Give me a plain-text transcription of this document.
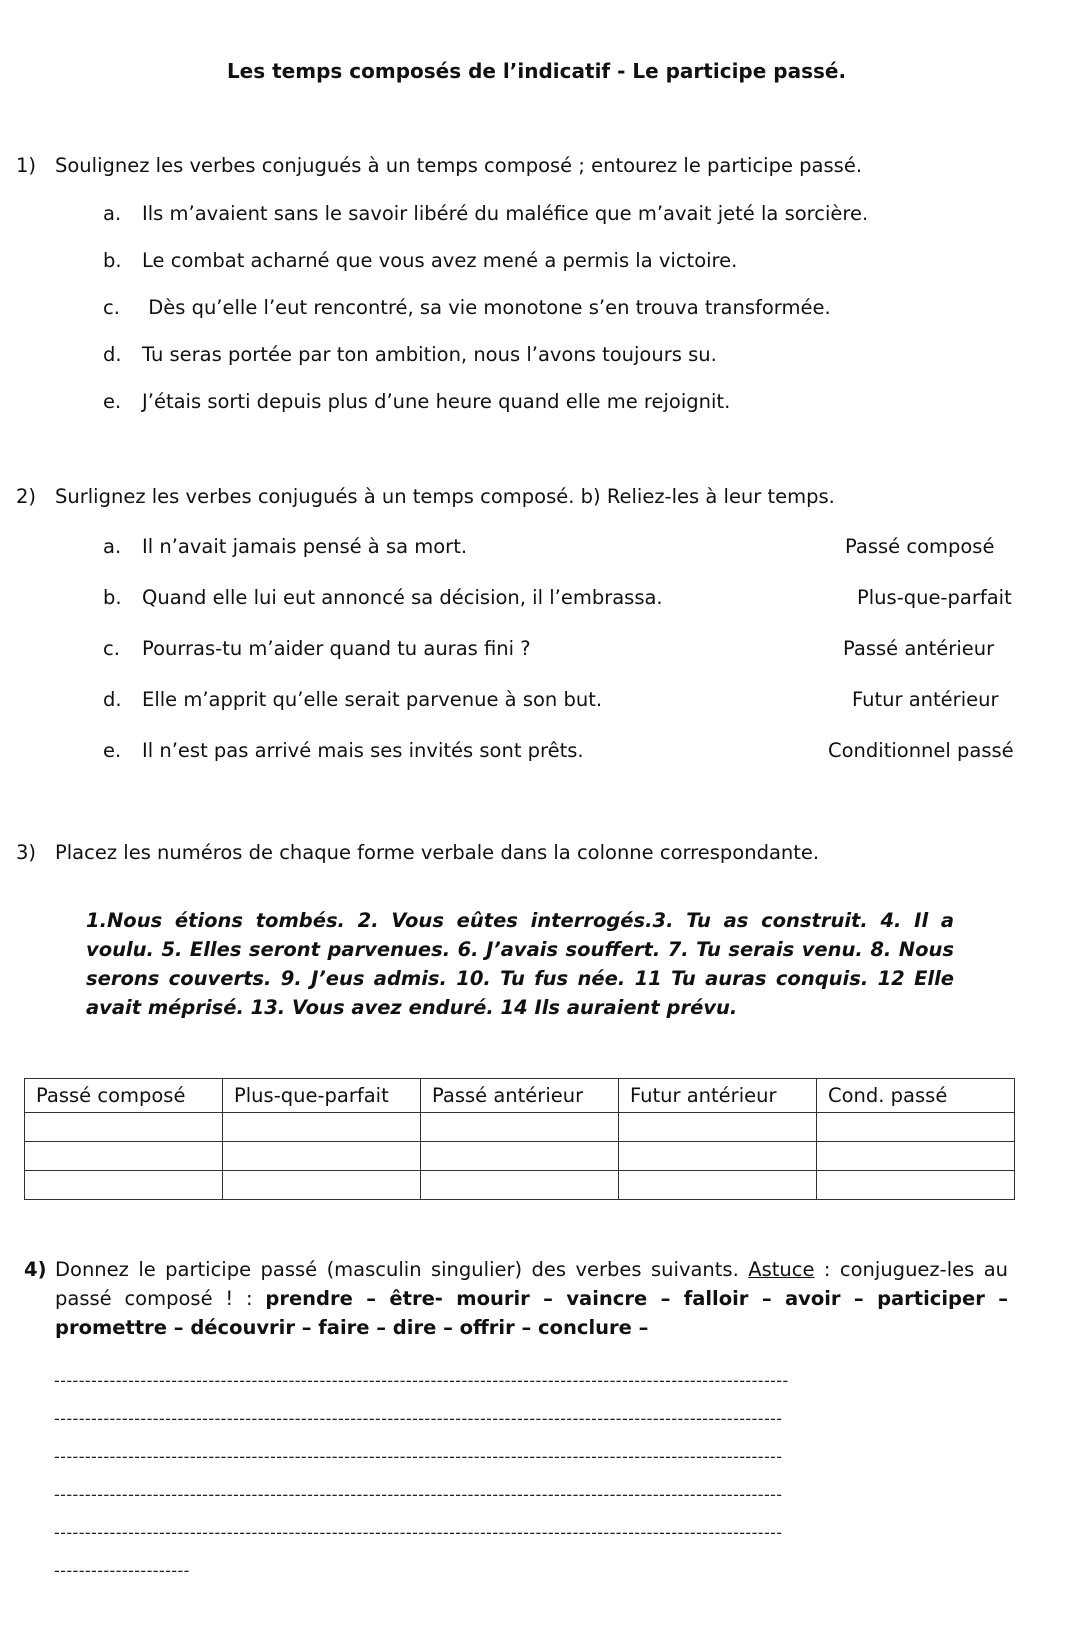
Les temps composés de l’indicatif - Le participe passé.
1) Soulignez les verbes conjugués à un temps composé ; entourez le participe passé.
a. Ils m’avaient sans le savoir libéré du maléfice que m’avait jeté la sorcière.
b. Le combat acharné que vous avez mené a permis la victoire.
c. Dès qu’elle l’eut rencontré, sa vie monotone s’en trouva transformée.
d. Tu seras portée par ton ambition, nous l’avons toujours su.
e. J’étais sorti depuis plus d’une heure quand elle me rejoignit.
2) Surlignez les verbes conjugués à un temps composé. b) Reliez-les à leur temps.
a. Il n’avait jamais pensé à sa mort.	Passé composé
b. Quand elle lui eut annoncé sa décision, il l’embrassa.	Plus-que-parfait
c. Pourras-tu m’aider quand tu auras fini ?	Passé antérieur
d. Elle m’apprit qu’elle serait parvenue à son but.	Futur antérieur
e. Il n’est pas arrivé mais ses invités sont prêts.	Conditionnel passé
3) Placez les numéros de chaque forme verbale dans la colonne correspondante.
1.Nous étions tombés. 2. Vous eûtes interrogés.3. Tu as construit. 4. Il a voulu. 5. Elles seront parvenues. 6. J’avais souffert. 7. Tu serais venu. 8. Nous serons couverts. 9. J’eus admis. 10. Tu fus née. 11 Tu auras conquis. 12 Elle avait méprisé. 13. Vous avez enduré. 14 Ils auraient prévu.
Passé composé	Plus-que-parfait	Passé antérieur	Futur antérieur	Cond. passé

4) Donnez le participe passé (masculin singulier) des verbes suivants. Astuce : conjuguez-les au passé composé ! : prendre – être- mourir – vaincre – falloir – avoir – participer – promettre – découvrir – faire – dire – offrir – conclure –
-----------------------------------------------------------------------------------------------------------------------
----------------------------------------------------------------------------------------------------------------------
----------------------------------------------------------------------------------------------------------------------
----------------------------------------------------------------------------------------------------------------------
----------------------------------------------------------------------------------------------------------------------
----------------------
